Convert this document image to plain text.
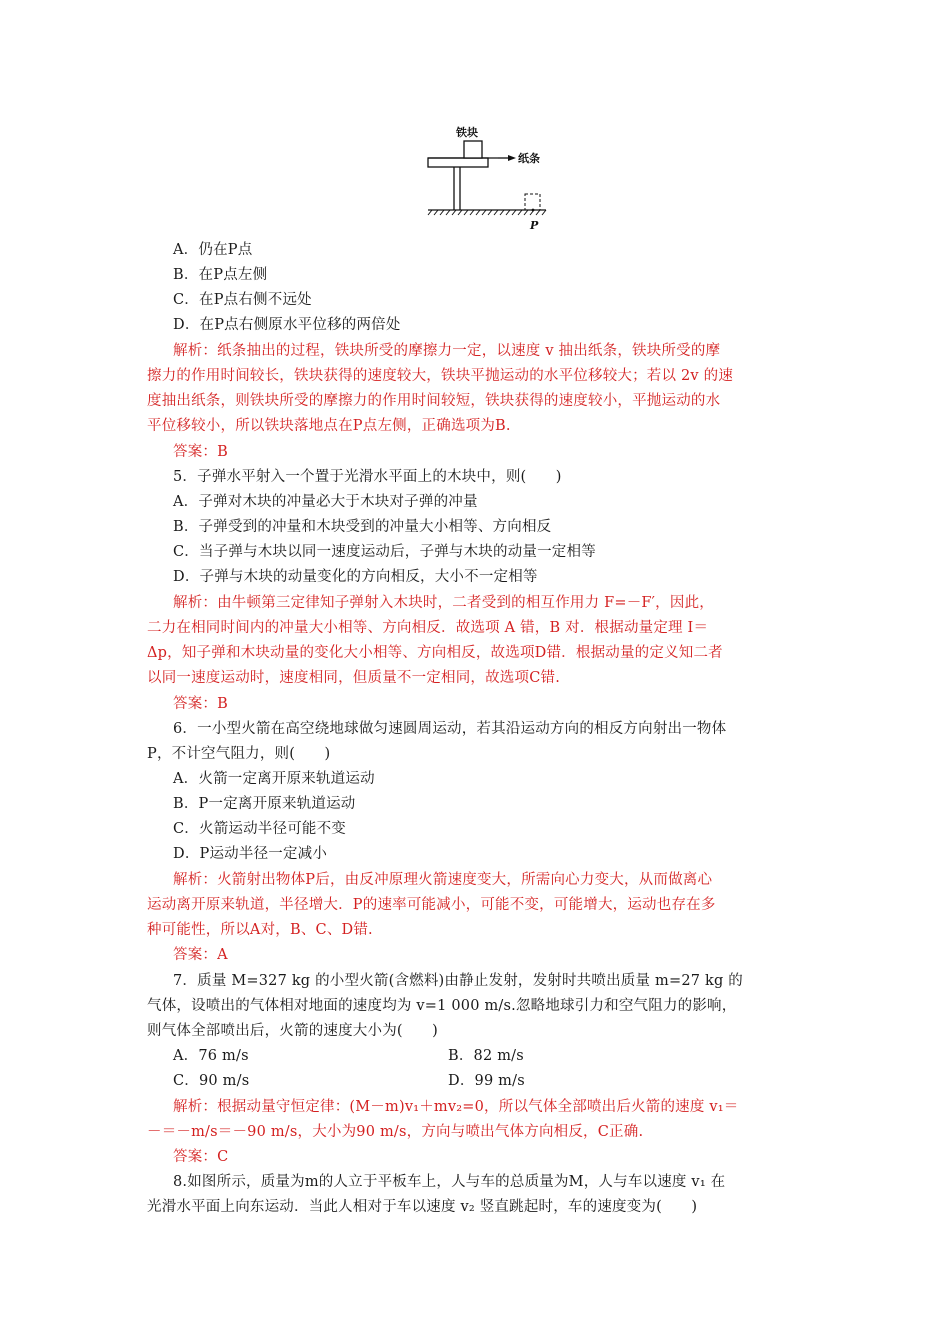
铁块
纸条
P
A．仍在P点
B．在P点左侧
C．在P点右侧不远处
D．在P点右侧原水平位移的两倍处
解析：纸条抽出的过程，铁块所受的摩擦力一定，以速度 v 抽出纸条，铁块所受的摩
擦力的作用时间较长，铁块获得的速度较大，铁块平抛运动的水平位移较大；若以 2v 的速
度抽出纸条，则铁块所受的摩擦力的作用时间较短，铁块获得的速度较小，平抛运动的水
平位移较小，所以铁块落地点在P点左侧，正确选项为B.
答案：B
5．子弹水平射入一个置于光滑水平面上的木块中，则(　　)
A．子弹对木块的冲量必大于木块对子弹的冲量
B．子弹受到的冲量和木块受到的冲量大小相等、方向相反
C．当子弹与木块以同一速度运动后，子弹与木块的动量一定相等
D．子弹与木块的动量变化的方向相反，大小不一定相等
解析：由牛顿第三定律知子弹射入木块时，二者受到的相互作用力 F=－F′，因此，
二力在相同时间内的冲量大小相等、方向相反．故选项 A 错，B 对．根据动量定理 I＝
Δp，知子弹和木块动量的变化大小相等、方向相反，故选项D错．根据动量的定义知二者
以同一速度运动时，速度相同，但质量不一定相同，故选项C错.
答案：B
6．一小型火箭在高空绕地球做匀速圆周运动，若其沿运动方向的相反方向射出一物体
P，不计空气阻力，则(　　)
A．火箭一定离开原来轨道运动
B．P一定离开原来轨道运动
C．火箭运动半径可能不变
D．P运动半径一定减小
解析：火箭射出物体P后，由反冲原理火箭速度变大，所需向心力变大，从而做离心
运动离开原来轨道，半径增大．P的速率可能减小，可能不变，可能增大，运动也存在多
种可能性，所以A对，B、C、D错.
答案：A
7．质量 M=327 kg 的小型火箭(含燃料)由静止发射，发射时共喷出质量 m=27 kg 的
气体，设喷出的气体相对地面的速度均为 v=1 000 m/s.忽略地球引力和空气阻力的影响，
则气体全部喷出后，火箭的速度大小为(　　)
A．76 m/s	B．82 m/s
C．90 m/s	D．99 m/s
解析：根据动量守恒定律：(M－m)v₁＋mv₂=0，所以气体全部喷出后火箭的速度 v₁＝
－＝－m/s＝－90 m/s，大小为90 m/s，方向与喷出气体方向相反，C正确.
答案：C
8.如图所示，质量为m的人立于平板车上，人与车的总质量为M，人与车以速度 v₁ 在
光滑水平面上向东运动．当此人相对于车以速度 v₂ 竖直跳起时，车的速度变为(　　)
